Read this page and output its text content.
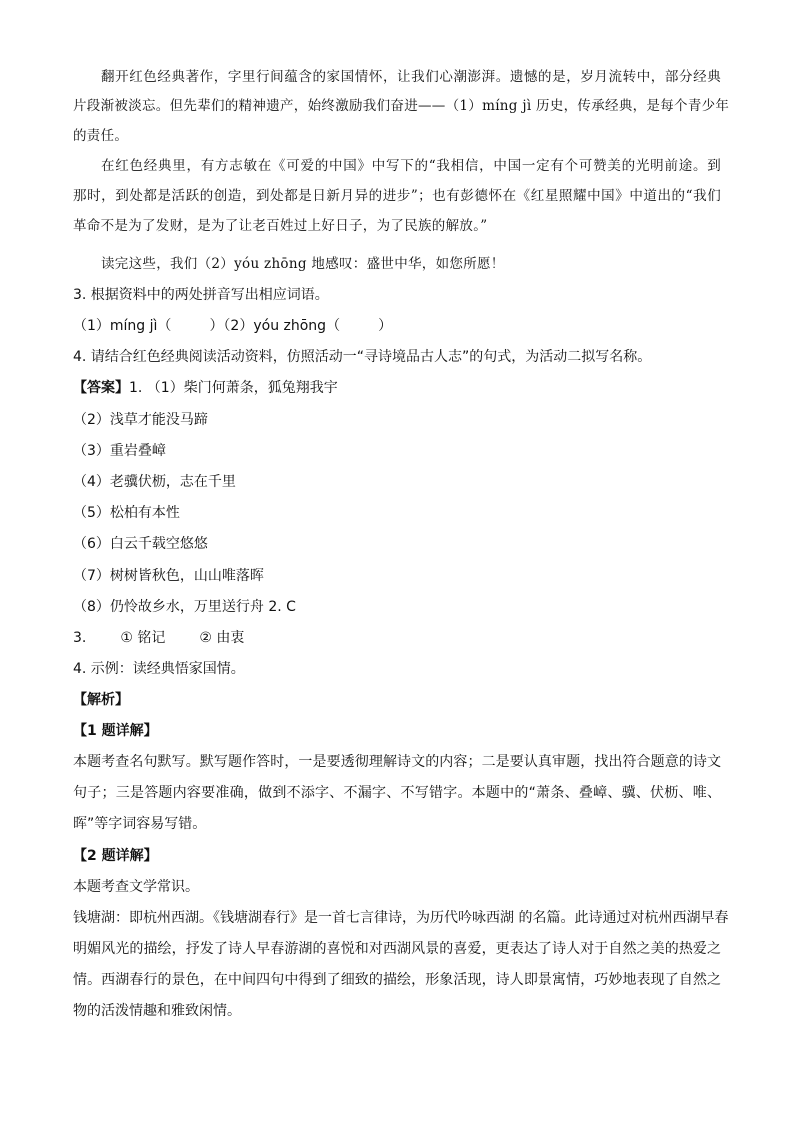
翻开红色经典著作，字里行间蕴含的家国情怀，让我们心潮澎湃。遗憾的是，岁月流转中，部分经典
片段渐被淡忘。但先辈们的精神遗产，始终激励我们奋进——（1）míng jì 历史，传承经典，是每个青少年
的责任。
在红色经典里，有方志敏在《可爱的中国》中写下的“我相信，中国一定有个可赞美的光明前途。到
那时，到处都是活跃的创造，到处都是日新月异的进步”；也有彭德怀在《红星照耀中国》中道出的“我们
革命不是为了发财，是为了让老百姓过上好日子，为了民族的解放。”
读完这些，我们（2）yóu zhōng 地感叹：盛世中华，如您所愿！
3. 根据资料中的两处拼音写出相应词语。
（1）míng jì（	）（2）yóu zhōng（	）
4. 请结合红色经典阅读活动资料，仿照活动一“寻诗境品古人志”的句式，为活动二拟写名称。
【答案】1. （1）柴门何萧条，狐兔翔我宇
（2）浅草才能没马蹄
（3）重岩叠嶂
（4）老骥伏枥，志在千里
（5）松柏有本性
（6）白云千载空悠悠
（7）树树皆秋色，山山唯落晖
（8）仍怜故乡水，万里送行舟 2. C
3. ① 铭记 ② 由衷
4. 示例：读经典悟家国情。
【解析】
【1 题详解】
本题考查名句默写。默写题作答时，一是要透彻理解诗文的内容；二是要认真审题，找出符合题意的诗文
句子；三是答题内容要准确，做到不添字、不漏字、不写错字。本题中的“萧条、叠嶂、骥、伏枥、唯、
晖”等字词容易写错。
【2 题详解】
本题考查文学常识。
钱塘湖：即杭州西湖。《钱塘湖春行》是一首七言律诗，为历代吟咏西湖 的名篇。此诗通过对杭州西湖早春
明媚风光的描绘，抒发了诗人早春游湖的喜悦和对西湖风景的喜爱，更表达了诗人对于自然之美的热爱之
情。西湖春行的景色，在中间四句中得到了细致的描绘，形象活现，诗人即景寓情，巧妙地表现了自然之
物的活泼情趣和雅致闲情。
